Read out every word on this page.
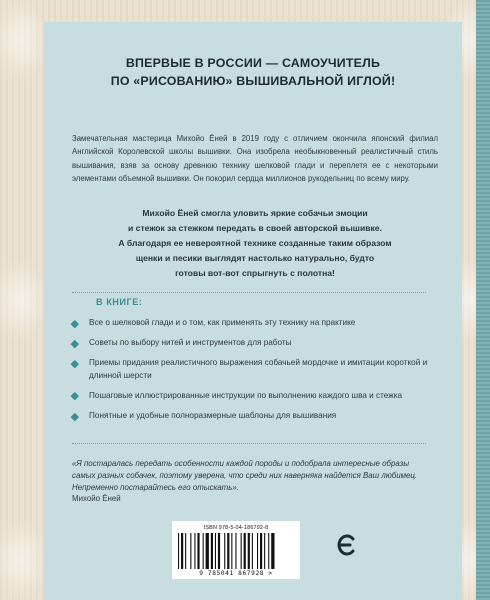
ВПЕРВЫЕ В РОССИИ — САМОУЧИТЕЛЬ
ПО «РИСОВАНИЮ» ВЫШИВАЛЬНОЙ ИГЛОЙ!
Замечательная мастерица Михойо Ёней в 2019 году с отличием окончила японский филиал Английской Королевской школы вышивки. Она изобрела необыкновенный реалистичный стиль вышивания, взяв за основу древнюю технику шелковой глади и переплетя ее с некоторыми элементами объемной вышивки. Он покорил сердца миллионов рукодельниц по всему миру.
Михойо Ёней смогла уловить яркие собачьи эмоции
и стежок за стежком передать в своей авторской вышивке.
А благодаря ее невероятной технике созданные таким образом
щенки и песики выглядят настолько натурально, будто
готовы вот-вот спрыгнуть с полотна!
В КНИГЕ:
Все о шелковой глади и о том, как применять эту технику на практике
Советы по выбору нитей и инструментов для работы
Приемы придания реалистичного выражения собачьей мордочке и имитации короткой и длинной шерсти
Пошаговые иллюстрированные инструкции по выполнению каждого шва и стежка
Понятные и удобные полноразмерные шаблоны для вышивания
«Я постаралась передать особенности каждой породы и подобрала интересные образы самых разных собачек, поэтому уверена, что среди них наверняка найдется Ваш любимец. Непременно постарайтесь его отыскать».
Михойо Ёней
ISBN 978-5-04-186792-8
9 785041 867928 >
